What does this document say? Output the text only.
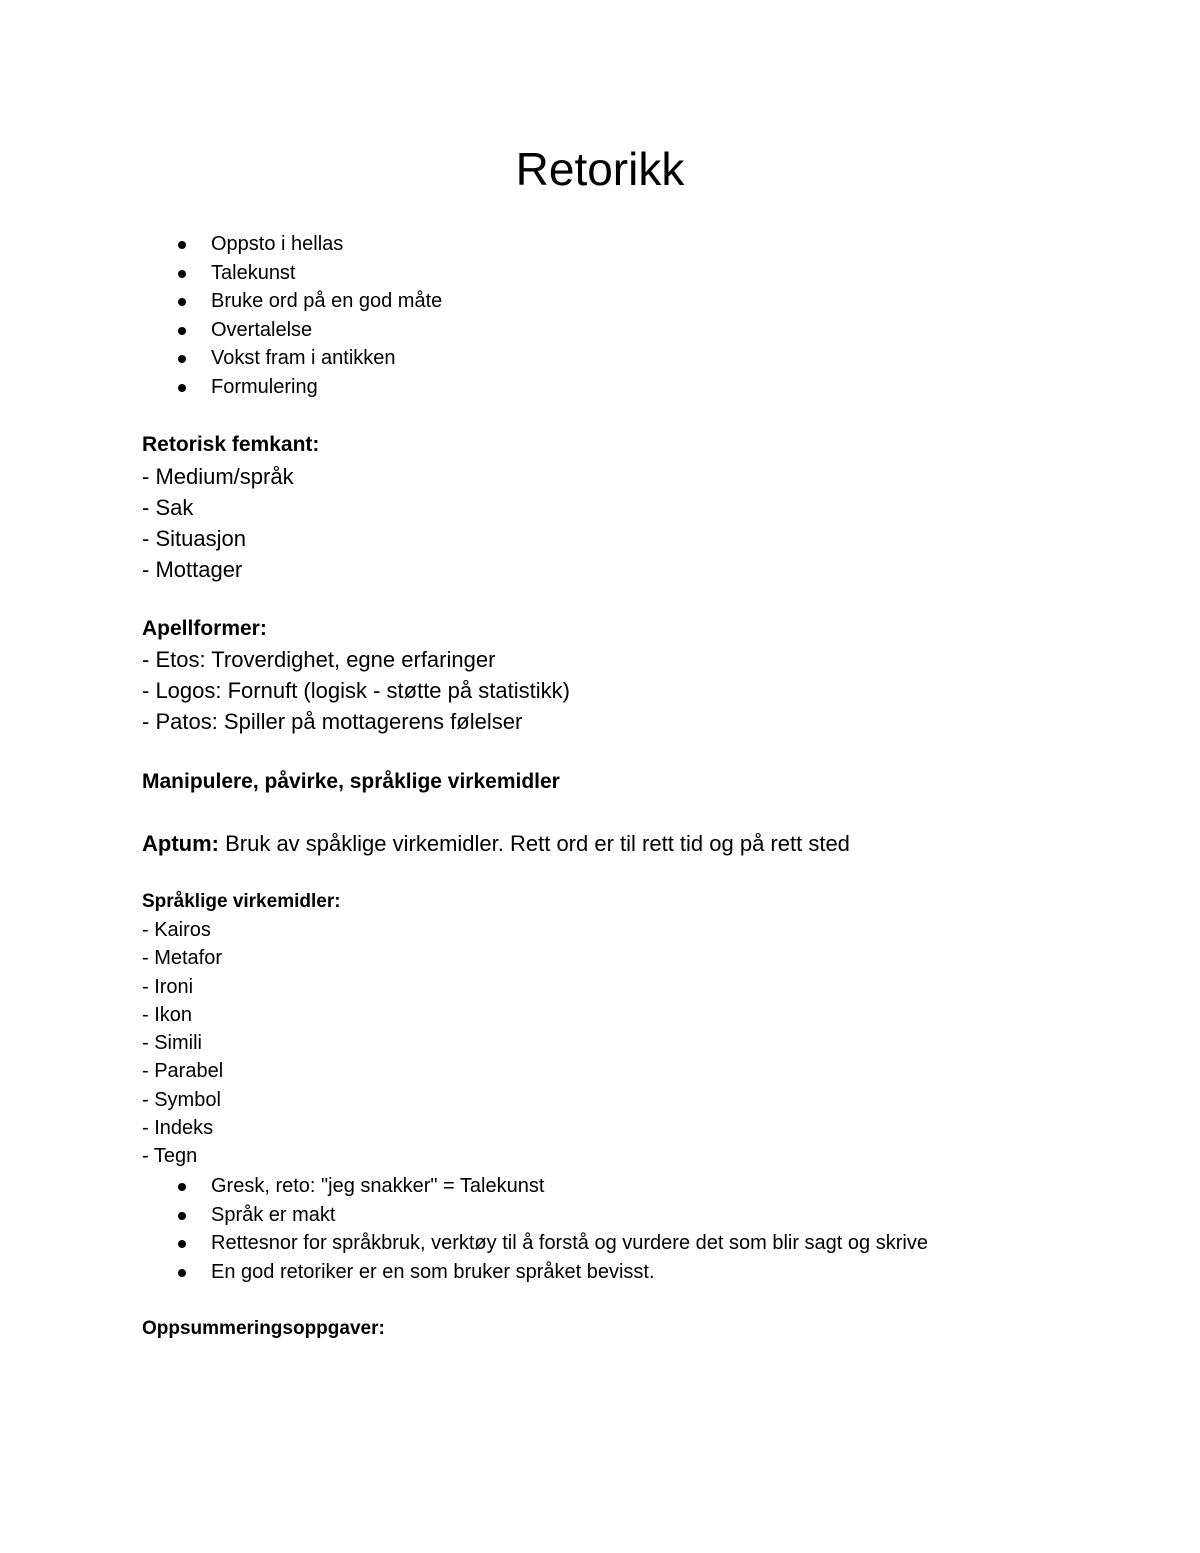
Retorikk
Oppsto i hellas
Talekunst
Bruke ord på en god måte
Overtalelse
Vokst fram i antikken
Formulering

Retorisk femkant:

- Medium/språk
- Sak
- Situasjon
- Mottager

Apellformer:

- Etos: Troverdighet, egne erfaringer
- Logos: Fornuft (logisk - støtte på statistikk)
- Patos: Spiller på mottagerens følelser

Manipulere, påvirke, språklige virkemidler

Aptum: Bruk av spåklige virkemidler. Rett ord er til rett tid og på rett sted

Språklige virkemidler:

- Kairos
- Metafor
- Ironi
- Ikon
- Simili
- Parabel
- Symbol
- Indeks
- Tegn
Gresk, reto: "jeg snakker" = Talekunst
Språk er makt
Rettesnor for språkbruk, verktøy til å forstå og vurdere det som blir sagt og skrive
En god retoriker er en som bruker språket bevisst.

Oppsummeringsoppgaver:
